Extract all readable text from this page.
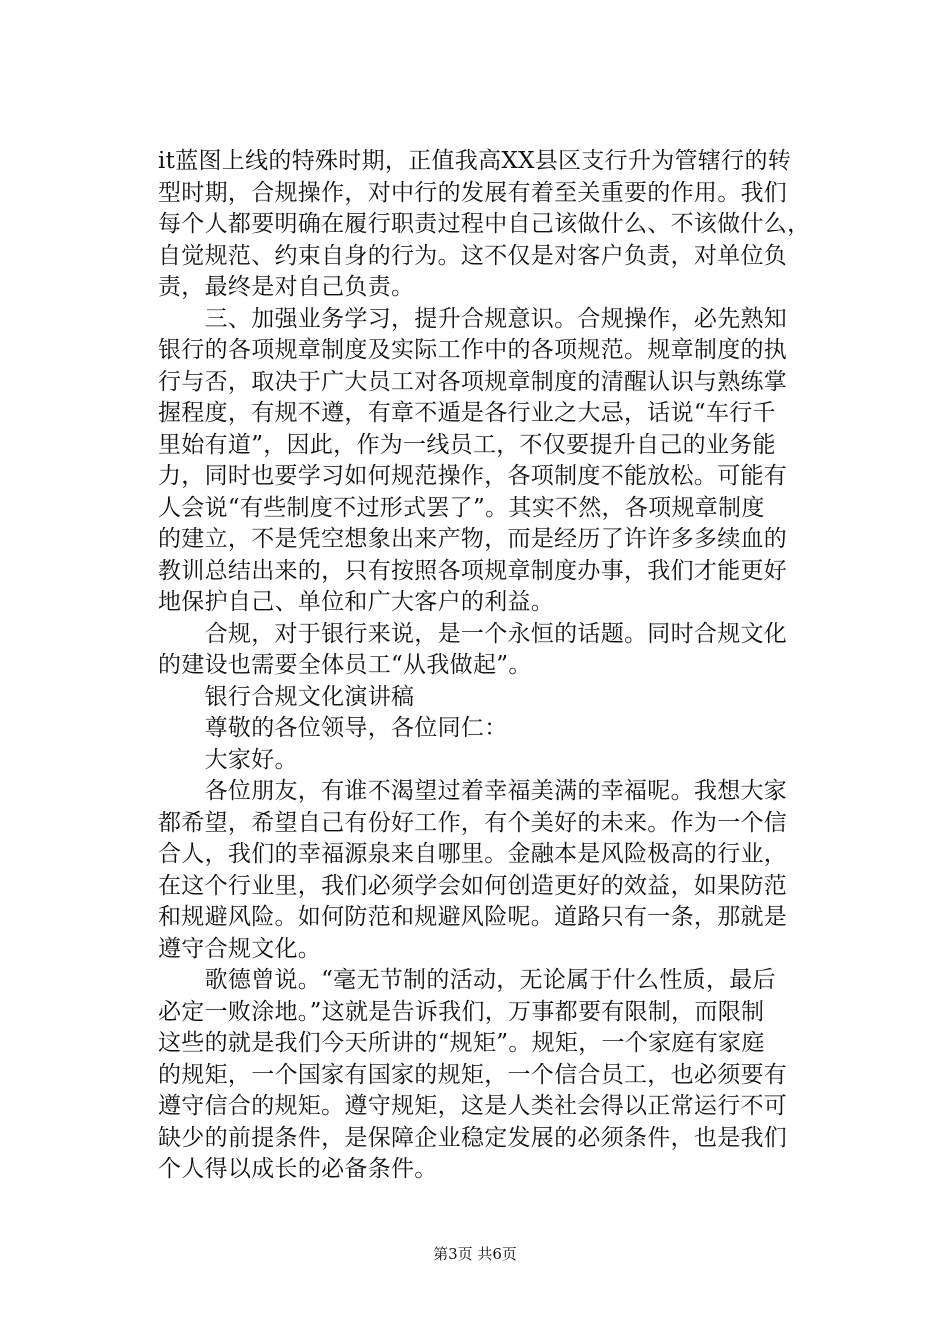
it蓝图上线的特殊时期，正值我高XX县区支行升为管辖行的转
型时期，合规操作，对中行的发展有着至关重要的作用。我们
每个人都要明确在履行职责过程中自己该做什么、不该做什么，
自觉规范、约束自身的行为。这不仅是对客户负责，对单位负
责，最终是对自己负责。
　　三、加强业务学习，提升合规意识。合规操作，必先熟知
银行的各项规章制度及实际工作中的各项规范。规章制度的执
行与否，取决于广大员工对各项规章制度的清醒认识与熟练掌
握程度，有规不遵，有章不遁是各行业之大忌，话说“车行千
里始有道”，因此，作为一线员工，不仅要提升自己的业务能
力，同时也要学习如何规范操作，各项制度不能放松。可能有
人会说“有些制度不过形式罢了”。其实不然，各项规章制度
的建立，不是凭空想象出来产物，而是经历了许许多多续血的
教训总结出来的，只有按照各项规章制度办事，我们才能更好
地保护自己、单位和广大客户的利益。
　　合规，对于银行来说，是一个永恒的话题。同时合规文化
的建设也需要全体员工“从我做起”。
　　银行合规文化演讲稿
　　尊敬的各位领导，各位同仁：
　　大家好。
　　各位朋友，有谁不渴望过着幸福美满的幸福呢。我想大家
都希望，希望自己有份好工作，有个美好的未来。作为一个信
合人，我们的幸福源泉来自哪里。金融本是风险极高的行业，
在这个行业里，我们必须学会如何创造更好的效益，如果防范
和规避风险。如何防范和规避风险呢。道路只有一条，那就是
遵守合规文化。
　　歌德曾说。“毫无节制的活动，无论属于什么性质，最后
必定一败涂地。”这就是告诉我们，万事都要有限制，而限制
这些的就是我们今天所讲的“规矩”。规矩，一个家庭有家庭
的规矩，一个国家有国家的规矩，一个信合员工，也必须要有
遵守信合的规矩。遵守规矩，这是人类社会得以正常运行不可
缺少的前提条件，是保障企业稳定发展的必须条件，也是我们
个人得以成长的必备条件。
第3页 共6页
